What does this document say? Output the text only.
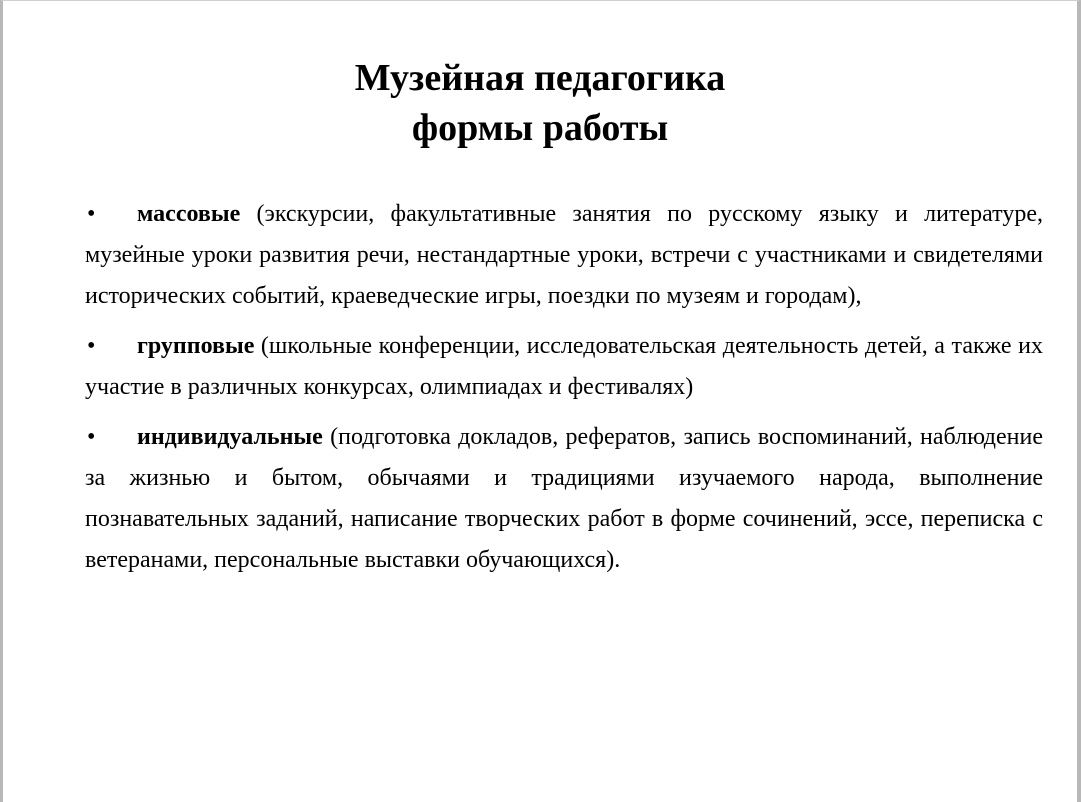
Музейная педагогика
формы работы
• массовые (экскурсии, факультативные занятия по русскому языку и литературе, музейные уроки развития речи, нестандартные уроки, встречи с участниками и свидетелями исторических событий, краеведческие игры, поездки по музеям и городам),
• групповые (школьные конференции, исследовательская деятельность детей, а также их участие в различных конкурсах, олимпиадах и фестивалях)
• индивидуальные (подготовка докладов, рефератов, запись воспоминаний, наблюдение за жизнью и бытом, обычаями и традициями изучаемого народа, выполнение познавательных заданий, написание творческих работ в форме сочинений, эссе, переписка с ветеранами, персональные выставки обучающихся).
